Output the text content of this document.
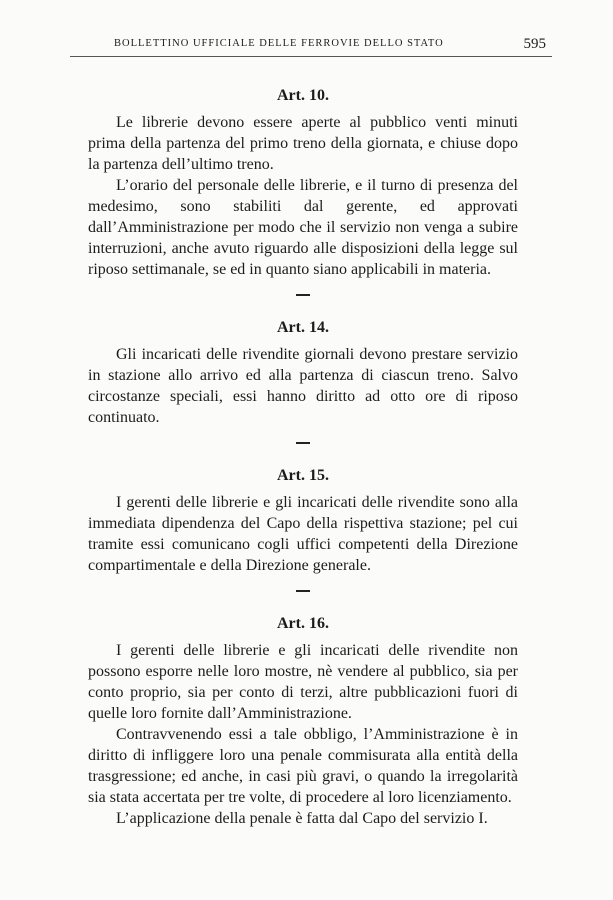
BOLLETTINO UFFICIALE DELLE FERROVIE DELLO STATO	595
Art. 10.

Le librerie devono essere aperte al pubblico venti minuti prima della partenza del primo treno della giornata, e chiuse dopo la partenza dell’ultimo treno.

L’orario del personale delle librerie, e il turno di presenza del medesimo, sono stabiliti dal gerente, ed approvati dall’Amministrazione per modo che il servizio non venga a subire interruzioni, anche avuto riguardo alle disposizioni della legge sul riposo settimanale, se ed in quanto siano applicabili in materia.

Art. 14.

Gli incaricati delle rivendite giornali devono prestare servizio in stazione allo arrivo ed alla partenza di ciascun treno. Salvo circostanze speciali, essi hanno diritto ad otto ore di riposo continuato.

Art. 15.

I gerenti delle librerie e gli incaricati delle rivendite sono alla immediata dipendenza del Capo della rispettiva stazione; pel cui tramite essi comunicano cogli uffici competenti della Direzione compartimentale e della Direzione generale.

Art. 16.

I gerenti delle librerie e gli incaricati delle rivendite non possono esporre nelle loro mostre, nè vendere al pubblico, sia per conto proprio, sia per conto di terzi, altre pubblicazioni fuori di quelle loro fornite dall’Amministrazione.

Contravvenendo essi a tale obbligo, l’Amministrazione è in diritto di infliggere loro una penale commisurata alla entità della trasgressione; ed anche, in casi più gravi, o quando la irregolarità sia stata accertata per tre volte, di procedere al loro licenziamento.

L’applicazione della penale è fatta dal Capo del servizio I.
